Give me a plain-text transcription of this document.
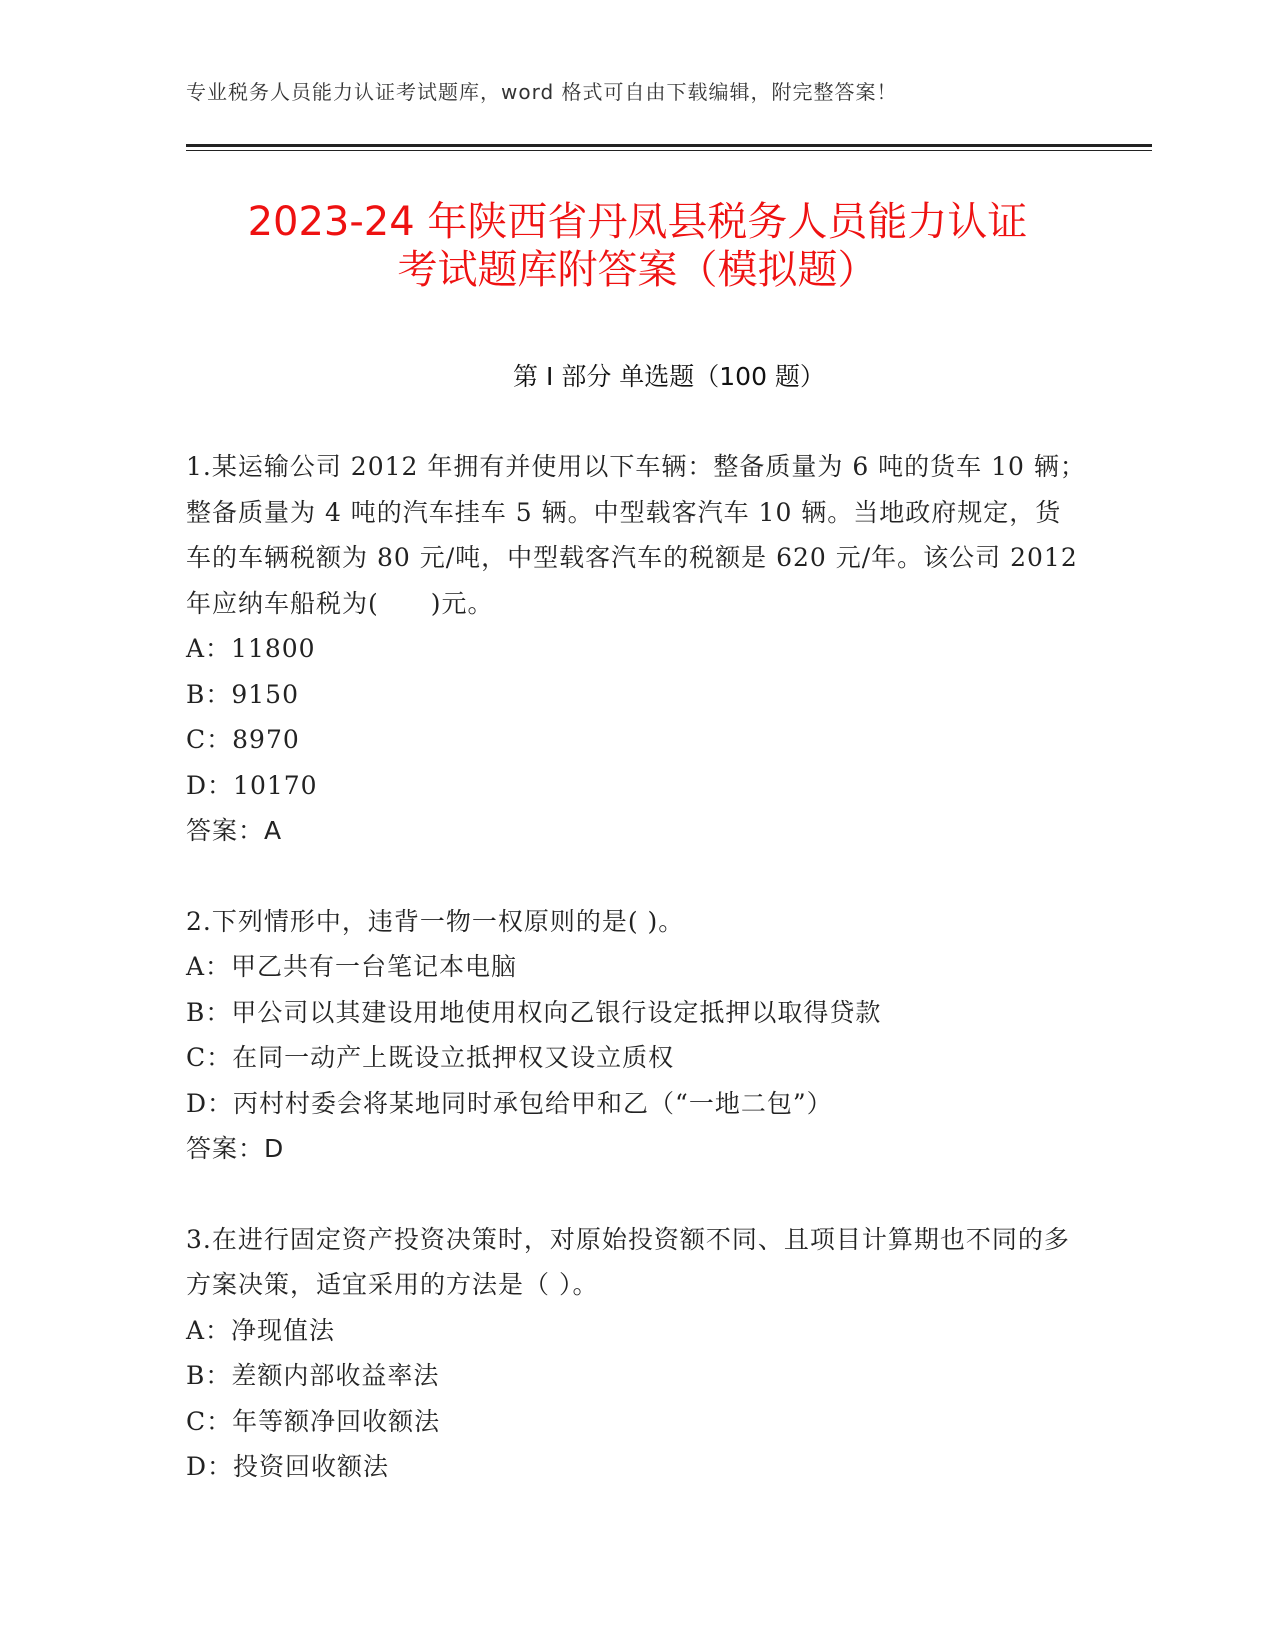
专业税务人员能力认证考试题库，word 格式可自由下载编辑，附完整答案！
2023-24 年陕西省丹凤县税务人员能力认证
考试题库附答案（模拟题）
第 I 部分 单选题（100 题）
1.某运输公司 2012 年拥有并使用以下车辆：整备质量为 6 吨的货车 10 辆；整备质量为 4 吨的汽车挂车 5 辆。中型载客汽车 10 辆。当地政府规定，货车的车辆税额为 80 元/吨，中型载客汽车的税额是 620 元/年。该公司 2012 年应纳车船税为(　　)元。
A：11800
B：9150
C：8970
D：10170
答案：A
2.下列情形中，违背一物一权原则的是( )。
A：甲乙共有一台笔记本电脑
B：甲公司以其建设用地使用权向乙银行设定抵押以取得贷款
C：在同一动产上既设立抵押权又设立质权
D：丙村村委会将某地同时承包给甲和乙（“一地二包”）
答案：D
3.在进行固定资产投资决策时，对原始投资额不同、且项目计算期也不同的多方案决策，适宜采用的方法是（ ）。
A：净现值法
B：差额内部收益率法
C：年等额净回收额法
D：投资回收额法
